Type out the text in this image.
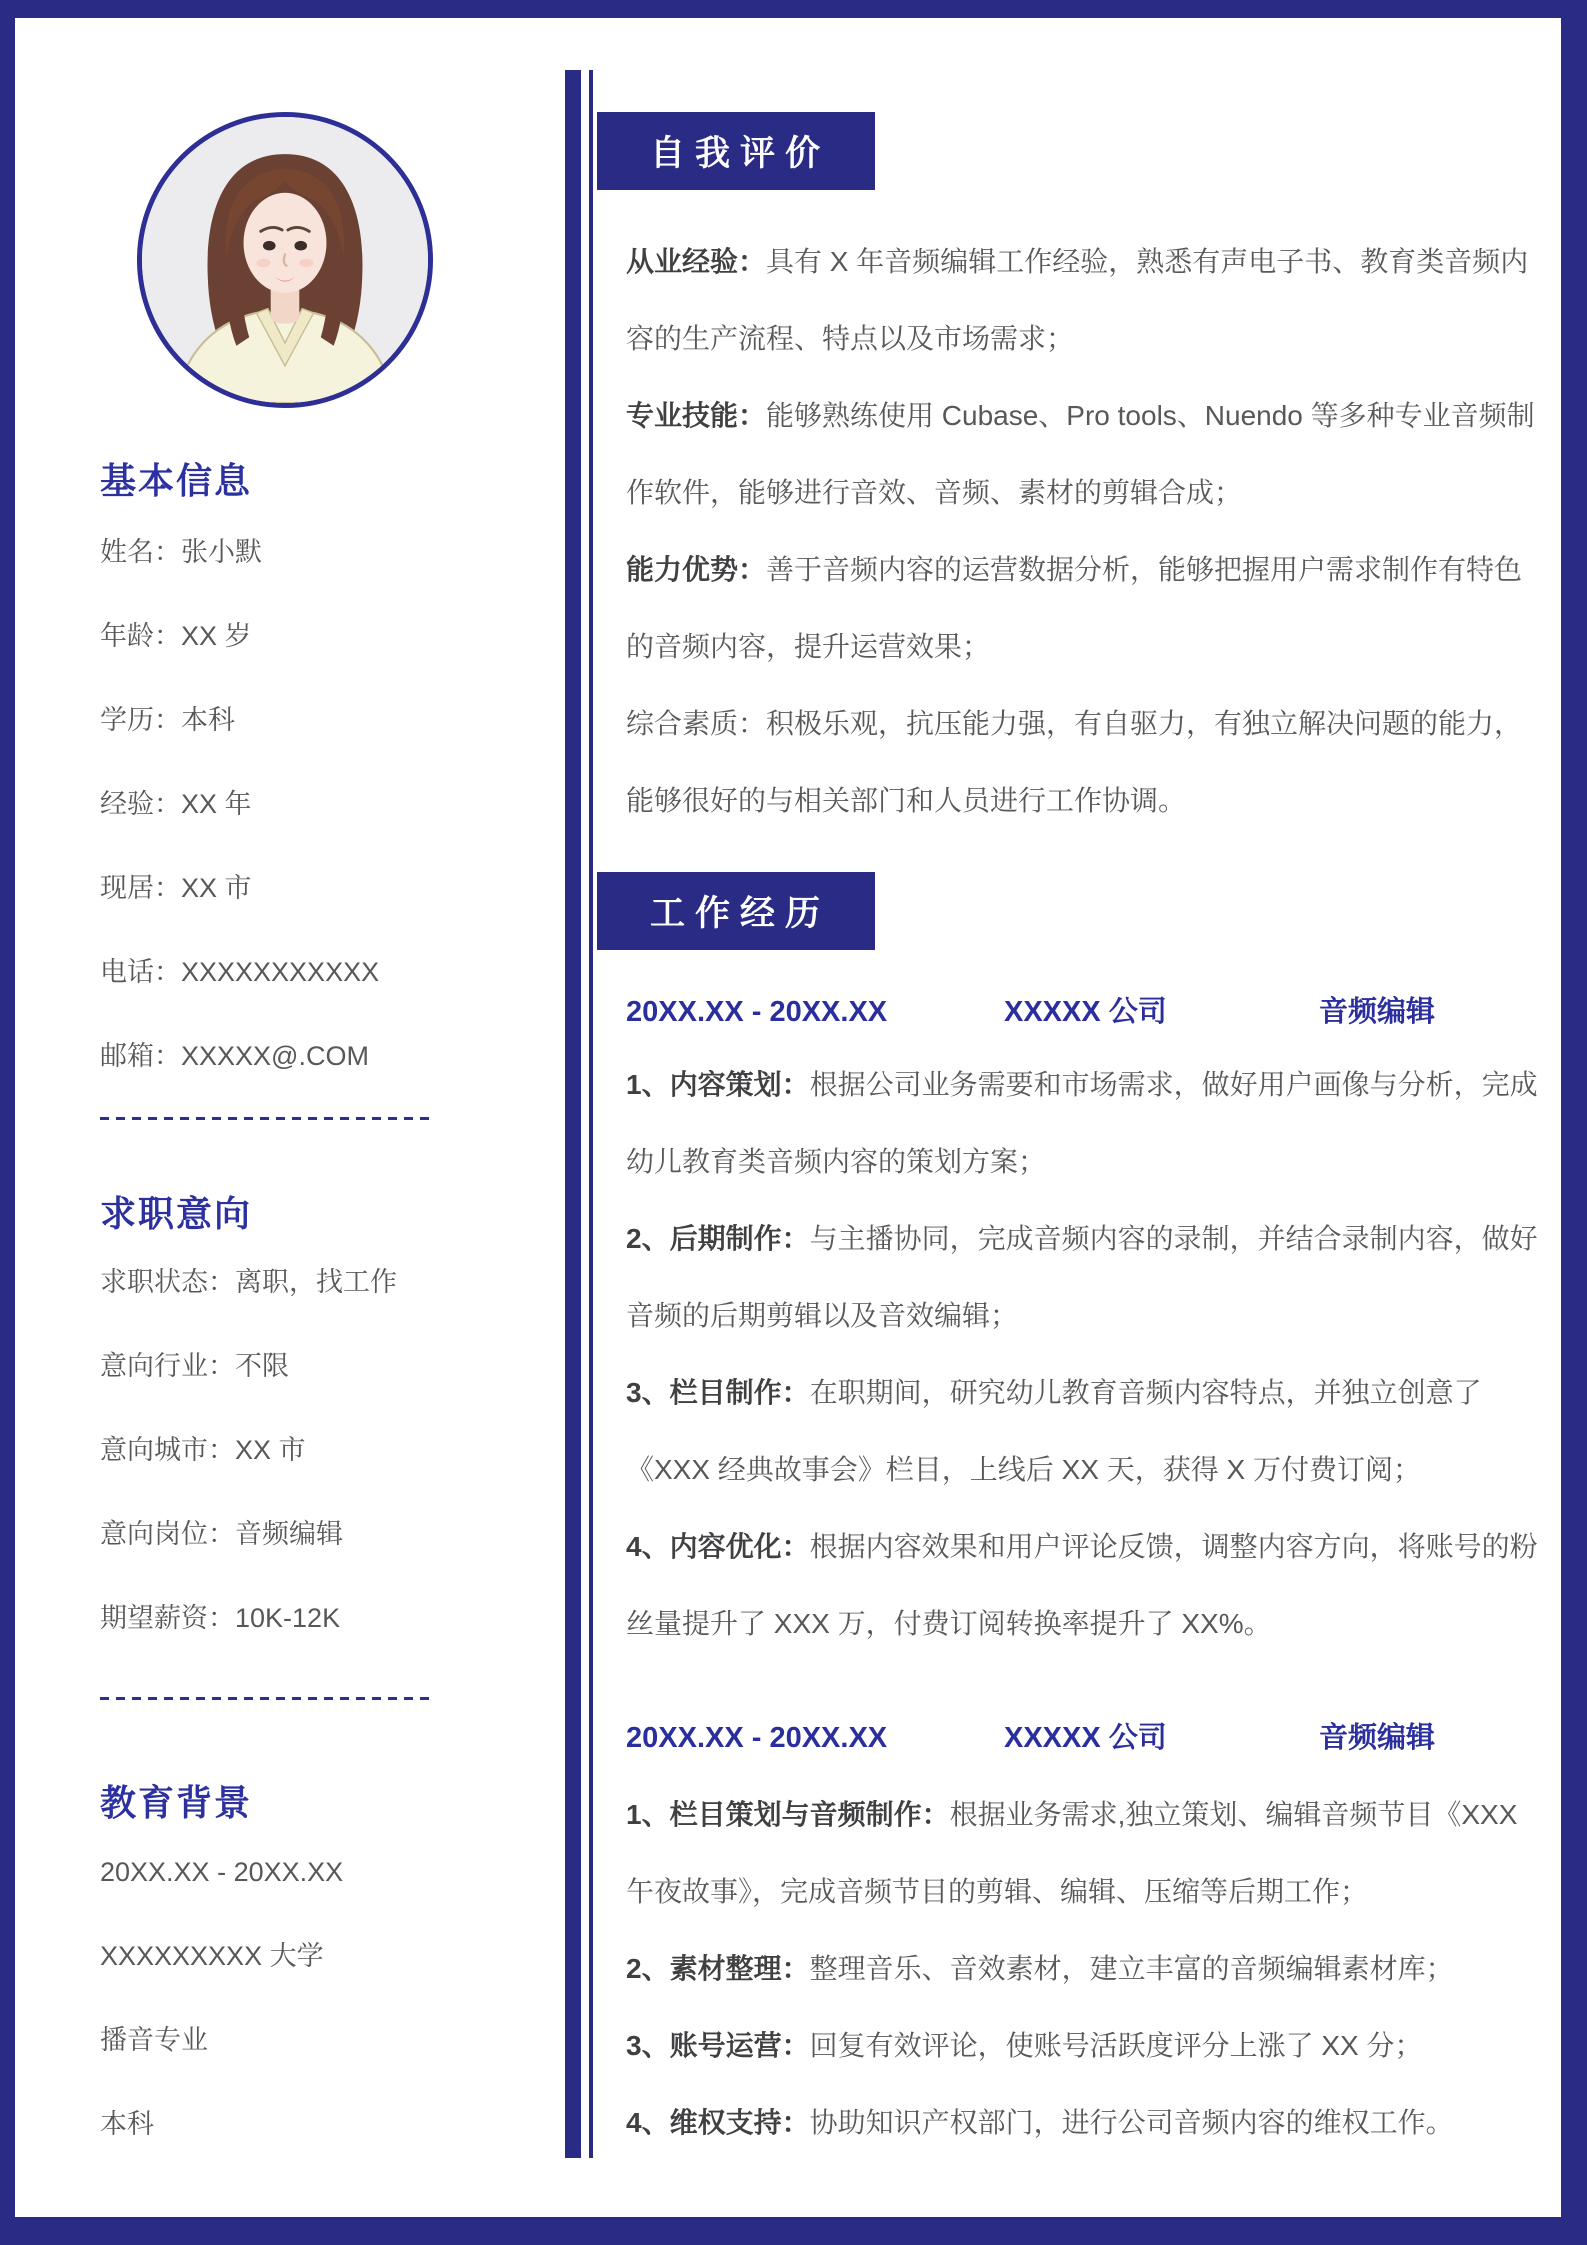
基本信息
姓名：张小默
年龄：XX 岁
学历：本科
经验：XX 年
现居：XX 市
电话：XXXXXXXXXXX
邮箱：XXXXX@.COM
求职意向
求职状态：离职，找工作
意向行业：不限
意向城市：XX 市
意向岗位：音频编辑
期望薪资：10K-12K
教育背景
20XX.XX - 20XX.XX
XXXXXXXXX 大学
播音专业
本科
自我评价

从业经验：具有 X 年音频编辑工作经验，熟悉有声电子书、教育类音频内容的生产流程、特点以及市场需求；

专业技能：能够熟练使用 Cubase、Pro tools、Nuendo 等多种专业音频制作软件，能够进行音效、音频、素材的剪辑合成；

能力优势：善于音频内容的运营数据分析，能够把握用户需求制作有特色的音频内容，提升运营效果；

综合素质：积极乐观，抗压能力强，有自驱力，有独立解决问题的能力，能够很好的与相关部门和人员进行工作协调。

工作经历
20XX.XX - 20XX.XX	XXXXX 公司	音频编辑

1、内容策划：根据公司业务需要和市场需求，做好用户画像与分析，完成幼儿教育类音频内容的策划方案；

2、后期制作：与主播协同，完成音频内容的录制，并结合录制内容，做好音频的后期剪辑以及音效编辑；

3、栏目制作：在职期间，研究幼儿教育音频内容特点，并独立创意了《XXX 经典故事会》栏目，上线后 XX 天，获得 X 万付费订阅；

4、内容优化：根据内容效果和用户评论反馈，调整内容方向，将账号的粉丝量提升了 XXX 万，付费订阅转换率提升了 XX%。

20XX.XX - 20XX.XX	XXXXX 公司	音频编辑

1、栏目策划与音频制作：根据业务需求,独立策划、编辑音频节目《XXX 午夜故事》，完成音频节目的剪辑、编辑、压缩等后期工作；

2、素材整理：整理音乐、音效素材，建立丰富的音频编辑素材库；

3、账号运营：回复有效评论，使账号活跃度评分上涨了 XX 分；

4、维权支持：协助知识产权部门，进行公司音频内容的维权工作。
